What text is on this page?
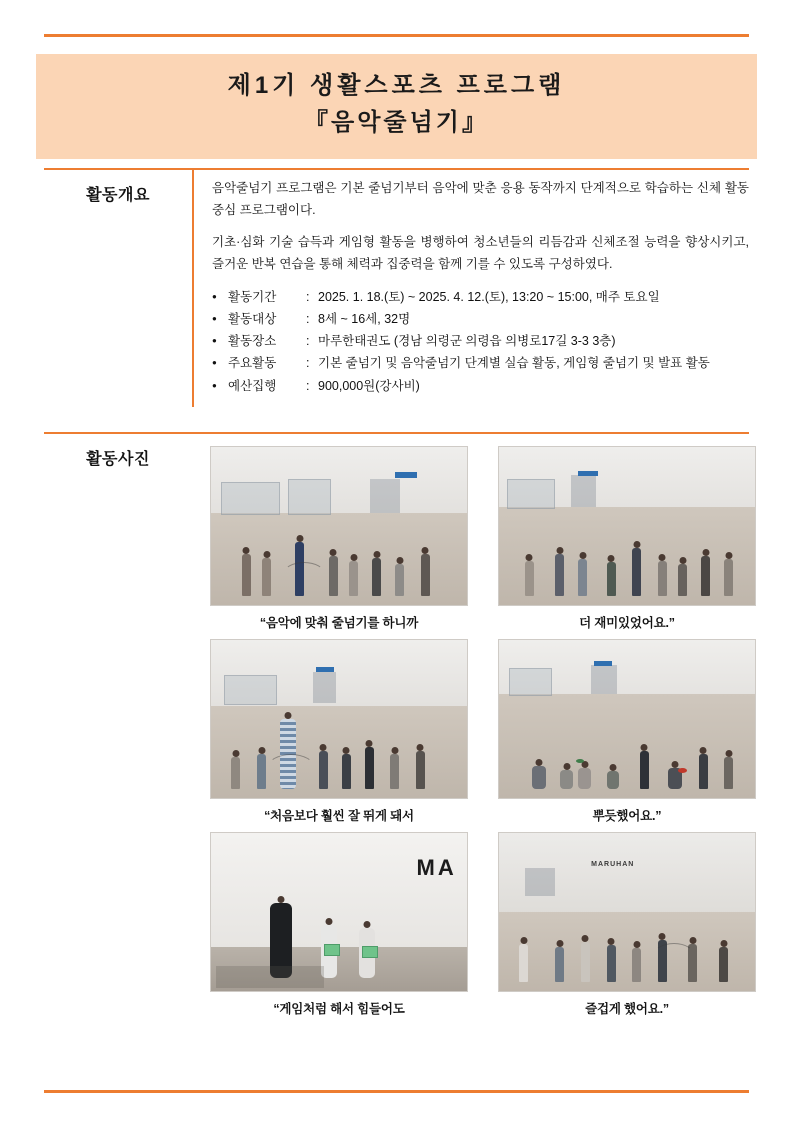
제1기 생활스포츠 프로그램
『음악줄넘기』
활동개요	음악줄넘기 프로그램은 기본 줄넘기부터 음악에 맞춘 응용 동작까지 단계적으로 학습하는 신체 활동 중심 프로그램이다.

기초·심화 기술 습득과 게임형 활동을 병행하여 청소년들의 리듬감과 신체조절 능력을 향상시키고, 즐거운 반복 연습을 통해 체력과 집중력을 함께 기를 수 있도록 구성하였다.

● 활동기간 : 2025. 1. 18.(토) ~ 2025. 4. 12.(토), 13:20 ~ 15:00, 매주 토요일
● 활동대상 : 8세 ~ 16세, 32명
● 활동장소 : 마루한태권도 (경남 의령군 의령읍 의병로17길 3-3 3층)
● 주요활동 : 기본 줄넘기 및 음악줄넘기 단계별 실습 활동, 게임형 줄넘기 및 발표 활동
● 예산집행 : 900,000원(강사비)
활동사진
“음악에 맞춰 줄넘기를 하니까	더 재미있었어요.”
“처음보다 훨씬 잘 뛰게 돼서	뿌듯했어요.”
MA
“게임처럼 해서 힘들어도
MARUHAN
즐겁게 했어요.”
